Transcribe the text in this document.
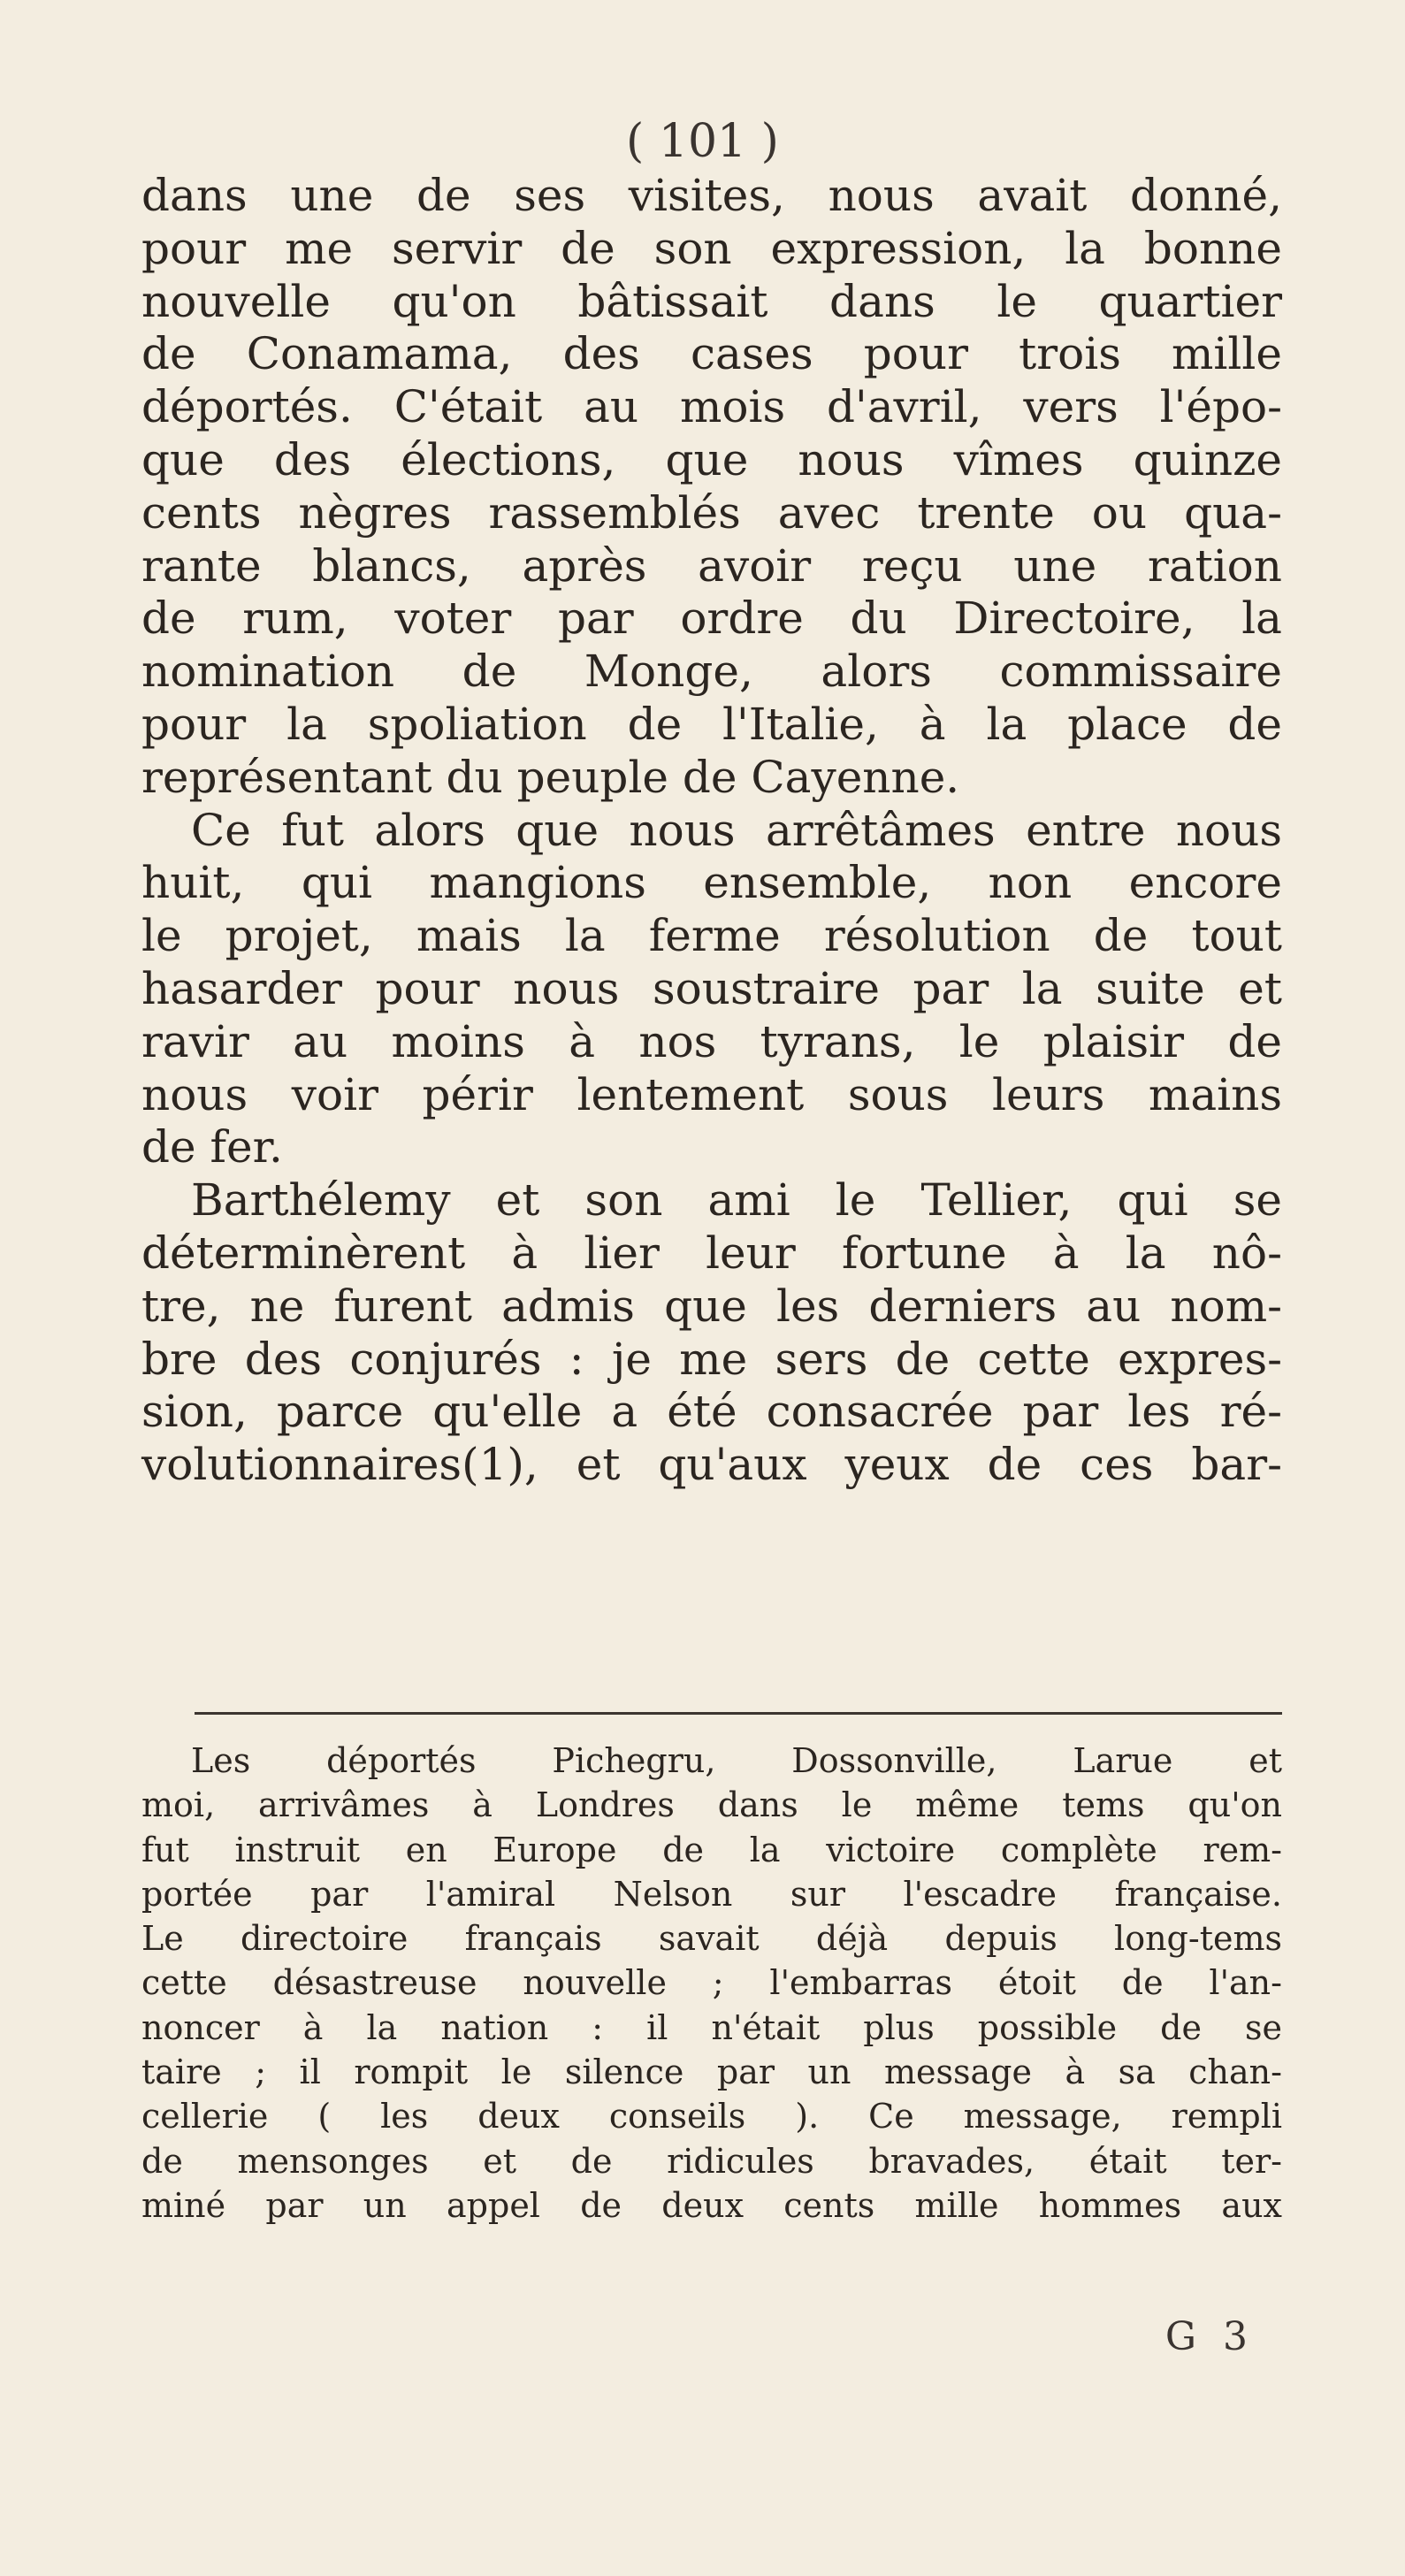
( 101 )
dans une de ses visites, nous avait donné,
pour me servir de son expression, la bonne
nouvelle qu'on bâtissait dans le quartier
de Conamama, des cases pour trois mille
déportés. C'était au mois d'avril, vers l'épo-
que des élections, que nous vîmes quinze
cents nègres rassemblés avec trente ou qua-
rante blancs, après avoir reçu une ration
de rum, voter par ordre du Directoire, la
nomination de Monge, alors commissaire
pour la spoliation de l'Italie, à la place de
représentant du peuple de Cayenne.
Ce fut alors que nous arrêtâmes entre nous
huit, qui mangions ensemble, non encore
le projet, mais la ferme résolution de tout
hasarder pour nous soustraire par la suite et
ravir au moins à nos tyrans, le plaisir de
nous voir périr lentement sous leurs mains
de fer.
Barthélemy et son ami le Tellier, qui se
déterminèrent à lier leur fortune à la nô-
tre, ne furent admis que les derniers au nom-
bre des conjurés : je me sers de cette expres-
sion, parce qu'elle a été consacrée par les ré-
volutionnaires(1), et qu'aux yeux de ces bar-
Les déportés Pichegru, Dossonville, Larue et
moi, arrivâmes à Londres dans le même tems qu'on
fut instruit en Europe de la victoire complète rem-
portée par l'amiral Nelson sur l'escadre française.
Le directoire français savait déjà depuis long-tems
cette désastreuse nouvelle ; l'embarras étoit de l'an-
noncer à la nation : il n'était plus possible de se
taire ; il rompit le silence par un message à sa chan-
cellerie ( les deux conseils ). Ce message, rempli
de mensonges et de ridicules bravades, était ter-
miné par un appel de deux cents mille hommes aux
G 3
